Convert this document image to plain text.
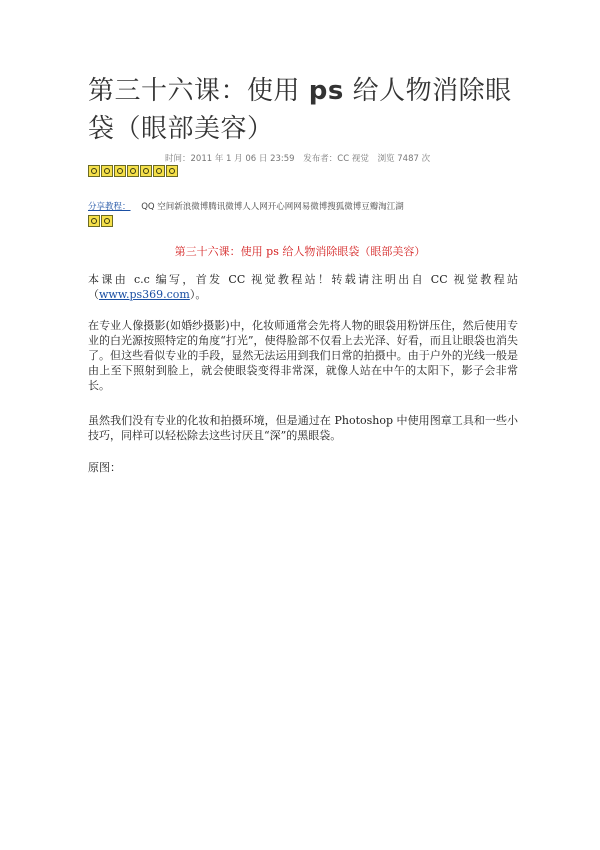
第三十六课：使用 ps 给人物消除眼袋（眼部美容）
时间：2011 年 1 月 06 日 23:59 发布者：CC 视觉 浏览 7487 次
分享教程： QQ 空间新浪微博腾讯微博人人网开心网网易微博搜狐微博豆瓣淘江湖
第三十六课：使用 ps 给人物消除眼袋（眼部美容）
本课由 c.c 编写，首发 CC 视觉教程站！转载请注明出自 CC 视觉教程站（www.ps369.com）。
在专业人像摄影(如婚纱摄影)中，化妆师通常会先将人物的眼袋用粉饼压住，然后使用专业的白光源按照特定的角度“打光”，使得脸部不仅看上去光泽、好看，而且让眼袋也消失了。但这些看似专业的手段，显然无法运用到我们日常的拍摄中。由于户外的光线一般是由上至下照射到脸上，就会使眼袋变得非常深，就像人站在中午的太阳下，影子会非常长。
虽然我们没有专业的化妆和拍摄环境，但是通过在 Photoshop 中使用图章工具和一些小技巧，同样可以轻松除去这些讨厌且“深”的黑眼袋。
原图：
